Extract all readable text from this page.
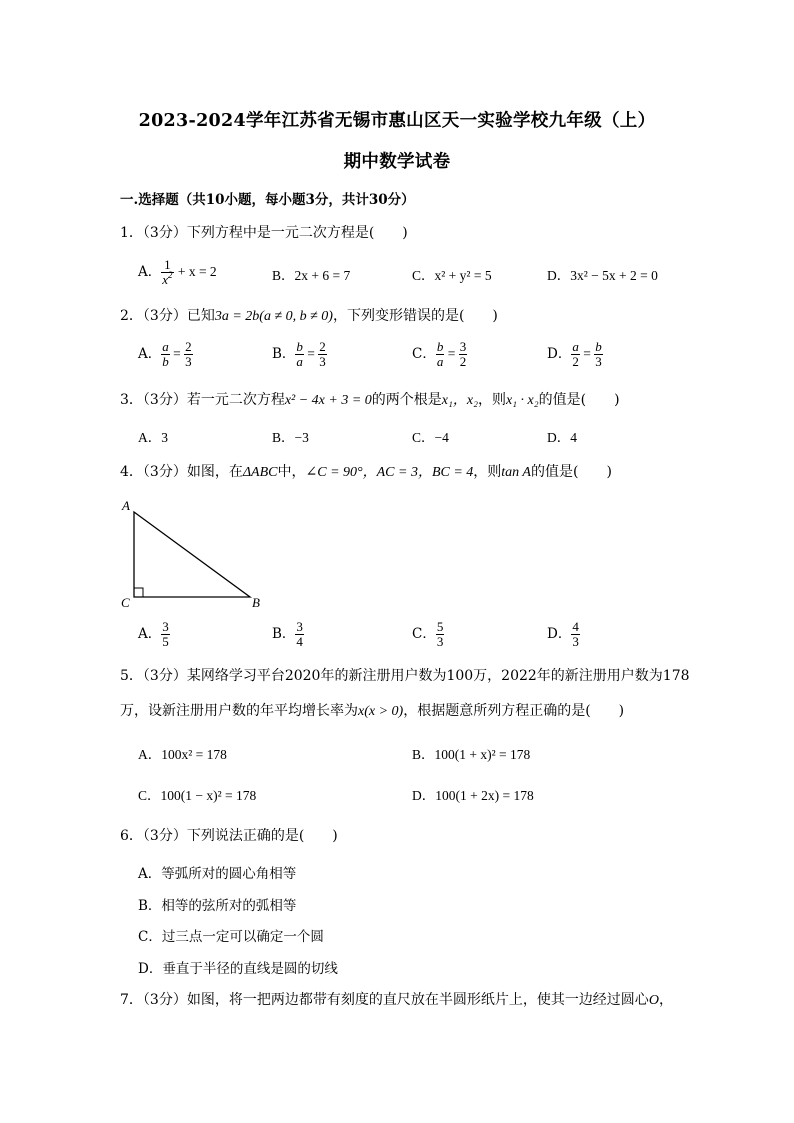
2023-2024学年江苏省无锡市惠山区天一实验学校九年级（上）
期中数学试卷
一.选择题（共10小题，每小题3分，共计30分）
1．（3分）下列方程中是一元二次方程是(　　)
A． $\frac{1}{x^2} + x = 2$	B．2x + 6 = 7	C．x² + y² = 5	D．3x² − 5x + 2 = 0
2．（3分）已知3a = 2b(a ≠ 0, b ≠ 0)，下列变形错误的是(　　)
A． $\frac{a}{b} = \frac{2}{3}$	B． $\frac{b}{a} = \frac{2}{3}$	C． $\frac{b}{a} = \frac{3}{2}$	D． $\frac{a}{2} = \frac{b}{3}$
3．（3分）若一元二次方程x² − 4x + 3 = 0的两个根是x₁，x₂，则x₁ · x₂的值是(　　)
A．3	B．−3	C．−4	D．4
4．（3分）如图，在ΔABC中，∠C = 90°，AC = 3，BC = 4，则tan A的值是(　　)
A
C	B
A． $\frac{3}{5}$	B． $\frac{3}{4}$	C． $\frac{5}{3}$	D． $\frac{4}{3}$
5．（3分）某网络学习平台2020年的新注册用户数为100万，2022年的新注册用户数为178
万，设新注册用户数的年平均增长率为x(x > 0)，根据题意所列方程正确的是(　　)
A．100x² = 178	B．100(1 + x)² = 178
C．100(1 − x)² = 178	D．100(1 + 2x) = 178
6．（3分）下列说法正确的是(　　)
A．等弧所对的圆心角相等
B．相等的弦所对的弧相等
C．过三点一定可以确定一个圆
D．垂直于半径的直线是圆的切线
7．（3分）如图，将一把两边都带有刻度的直尺放在半圆形纸片上，使其一边经过圆心O，
